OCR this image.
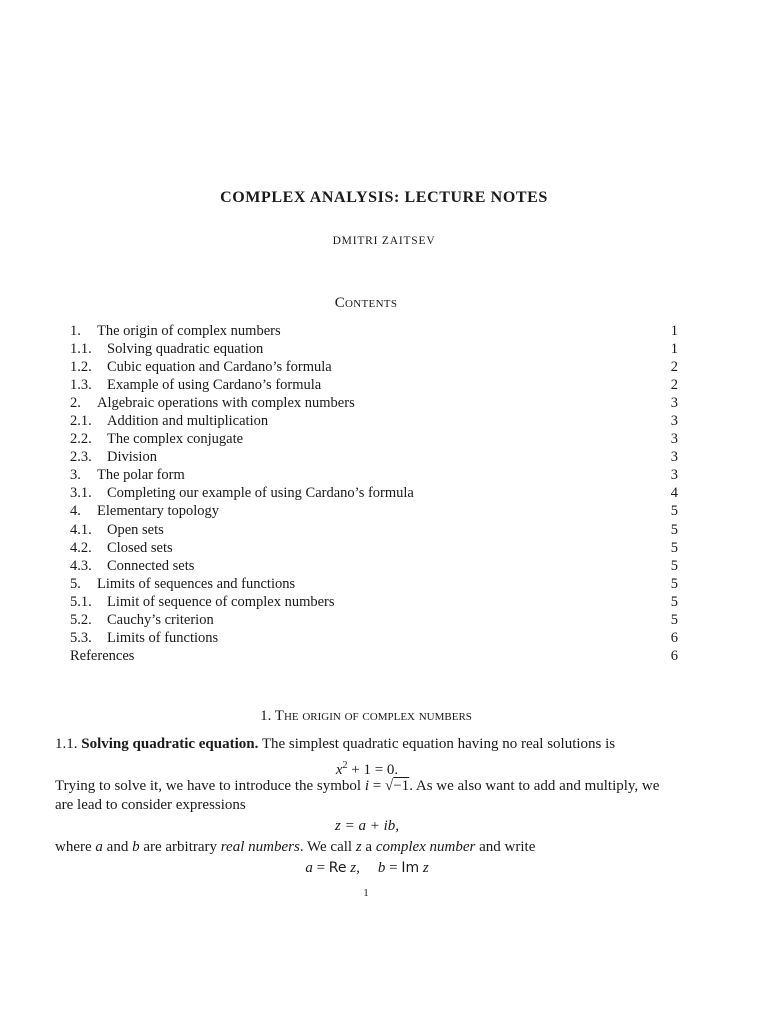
COMPLEX ANALYSIS: LECTURE NOTES
DMITRI ZAITSEV
Contents
1.	The origin of complex numbers	1
1.1.	Solving quadratic equation	1
1.2.	Cubic equation and Cardano’s formula	2
1.3.	Example of using Cardano’s formula	2
2.	Algebraic operations with complex numbers	3
2.1.	Addition and multiplication	3
2.2.	The complex conjugate	3
2.3.	Division	3
3.	The polar form	3
3.1.	Completing our example of using Cardano’s formula	4
4.	Elementary topology	5
4.1.	Open sets	5
4.2.	Closed sets	5
4.3.	Connected sets	5
5.	Limits of sequences and functions	5
5.1.	Limit of sequence of complex numbers	5
5.2.	Cauchy’s criterion	5
5.3.	Limits of functions	6
References	6
1. The origin of complex numbers

1.1. Solving quadratic equation. The simplest quadratic equation having no real solutions is

$x^2 + 1 = 0$.

Trying to solve it, we have to introduce the symbol i = √−1. As we also want to add and multiply, we are lead to consider expressions

z = a + ib,

where a and b are arbitrary real numbers. We call z a complex number and write

a = Re z, b = Im z
1
